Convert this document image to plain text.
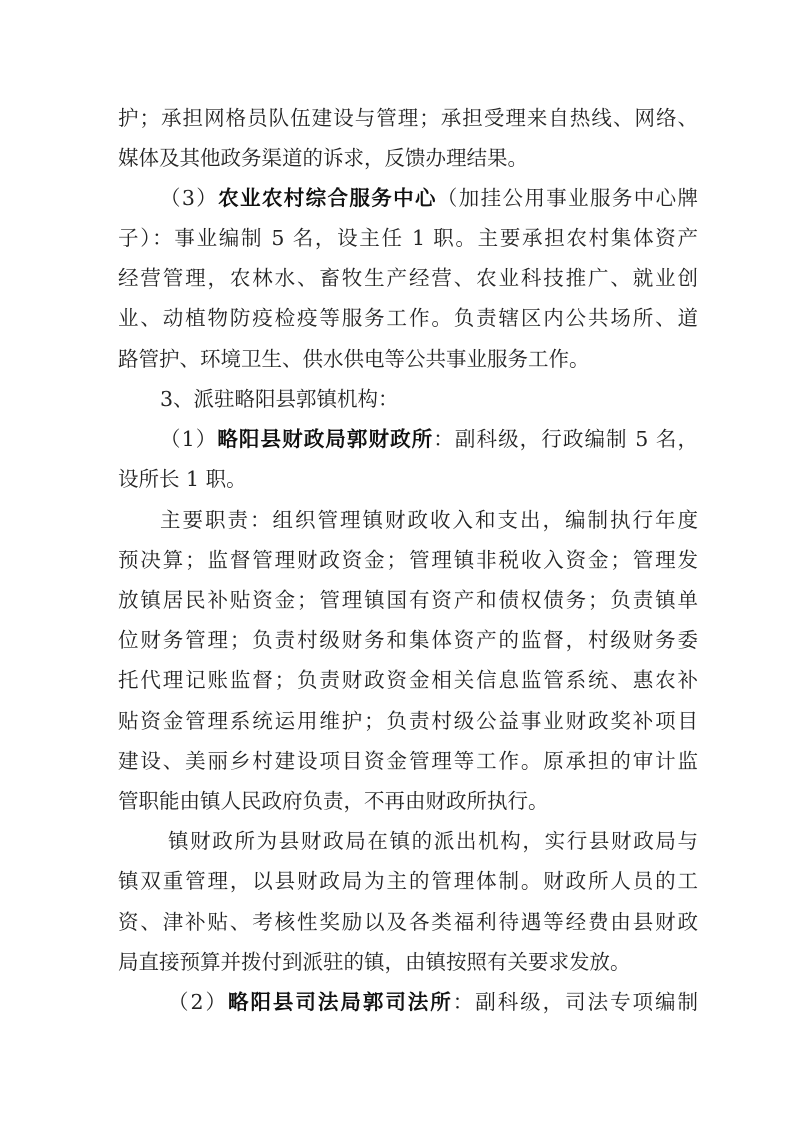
护；承担网格员队伍建设与管理；承担受理来自热线、网络、
媒体及其他政务渠道的诉求，反馈办理结果。
（3）农业农村综合服务中心（加挂公用事业服务中心牌
子）：事业编制 5 名，设主任 1 职。主要承担农村集体资产
经营管理，农林水、畜牧生产经营、农业科技推广、就业创
业、动植物防疫检疫等服务工作。负责辖区内公共场所、道
路管护、环境卫生、供水供电等公共事业服务工作。
3、派驻略阳县郭镇机构：
（1）略阳县财政局郭财政所：副科级，行政编制 5 名，
设所长 1 职。
主要职责：组织管理镇财政收入和支出，编制执行年度
预决算；监督管理财政资金；管理镇非税收入资金；管理发
放镇居民补贴资金；管理镇国有资产和债权债务；负责镇单
位财务管理；负责村级财务和集体资产的监督，村级财务委
托代理记账监督；负责财政资金相关信息监管系统、惠农补
贴资金管理系统运用维护；负责村级公益事业财政奖补项目
建设、美丽乡村建设项目资金管理等工作。原承担的审计监
管职能由镇人民政府负责，不再由财政所执行。
镇财政所为县财政局在镇的派出机构，实行县财政局与
镇双重管理，以县财政局为主的管理体制。财政所人员的工
资、津补贴、考核性奖励以及各类福利待遇等经费由县财政
局直接预算并拨付到派驻的镇，由镇按照有关要求发放。
（2）略阳县司法局郭司法所：副科级，司法专项编制
